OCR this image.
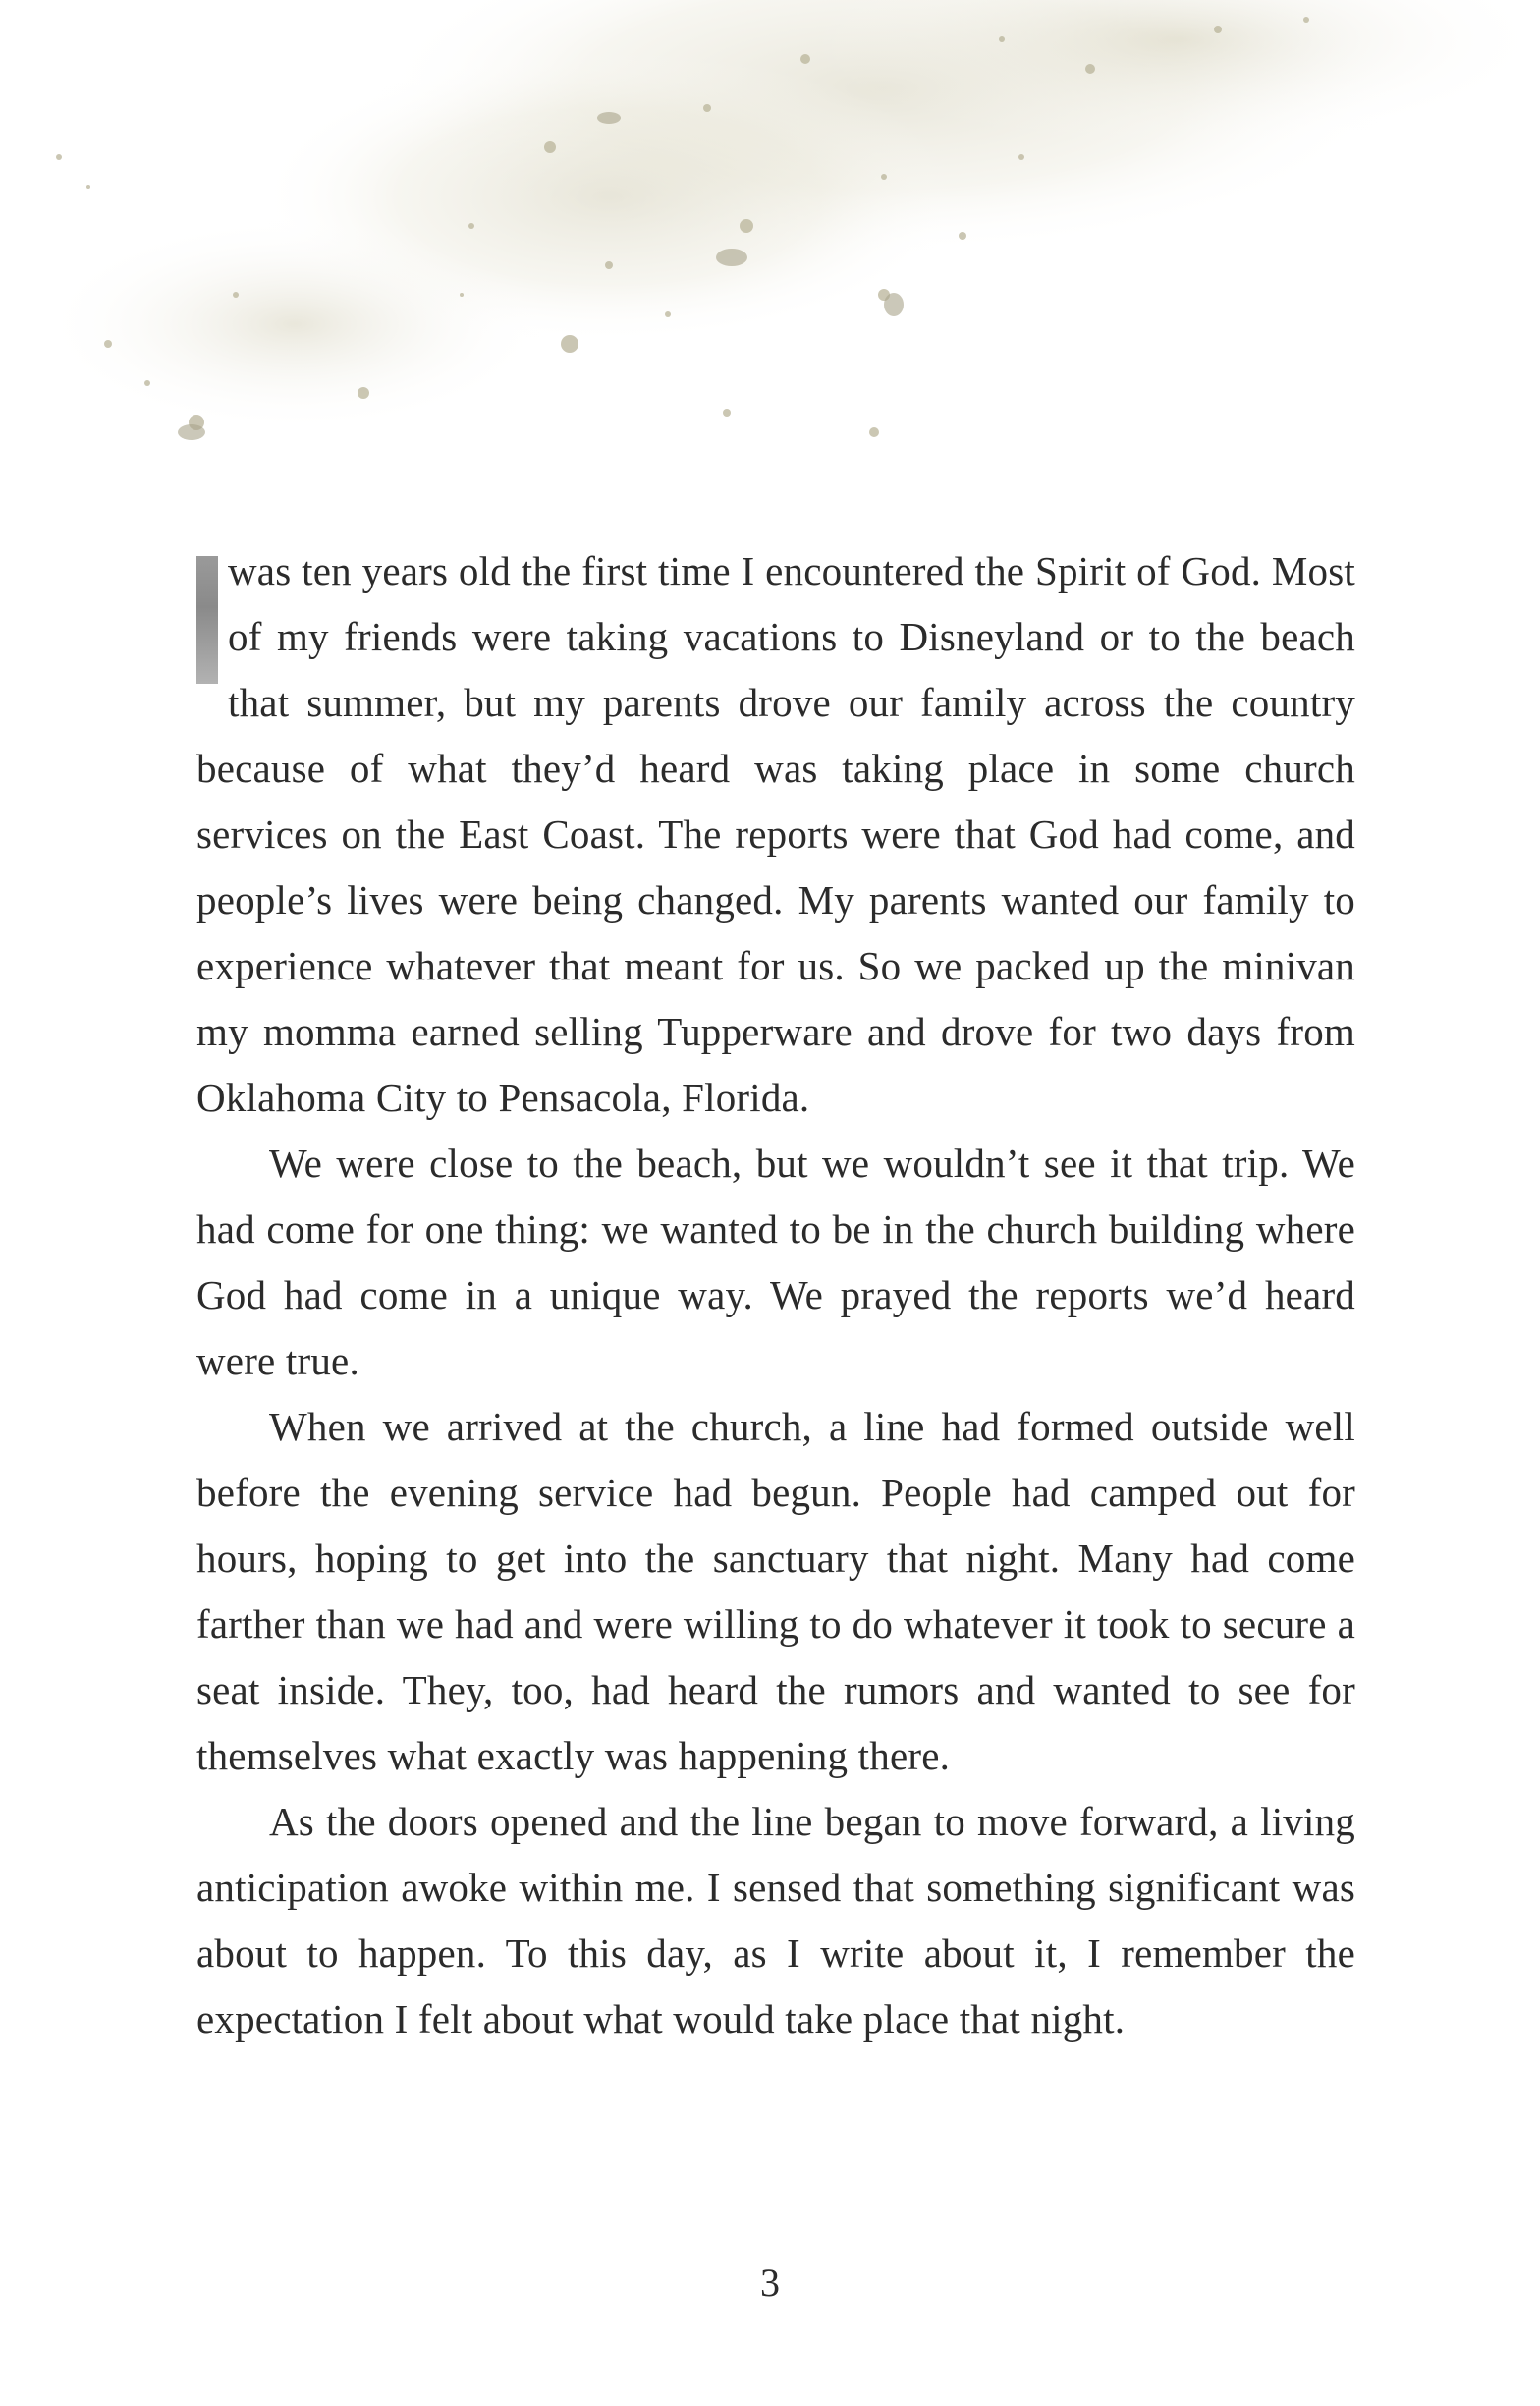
was ten years old the first time I encountered the Spirit of God. Most of my friends were taking vacations to Disneyland or to the beach that summer, but my parents drove our family across the country because of what they’d heard was taking place in some church services on the East Coast. The reports were that God had come, and people’s lives were being changed. My parents wanted our family to experience whatever that meant for us. So we packed up the minivan my momma earned selling Tupperware and drove for two days from Oklahoma City to Pensacola, Florida.

We were close to the beach, but we wouldn’t see it that trip. We had come for one thing: we wanted to be in the church building where God had come in a unique way. We prayed the reports we’d heard were true.

When we arrived at the church, a line had formed outside well before the evening service had begun. People had camped out for hours, hoping to get into the sanctuary that night. Many had come farther than we had and were willing to do whatever it took to secure a seat inside. They, too, had heard the rumors and wanted to see for themselves what exactly was happening there.

As the doors opened and the line began to move forward, a living anticipation awoke within me. I sensed that something significant was about to happen. To this day, as I write about it, I remember the expectation I felt about what would take place that night.

3
